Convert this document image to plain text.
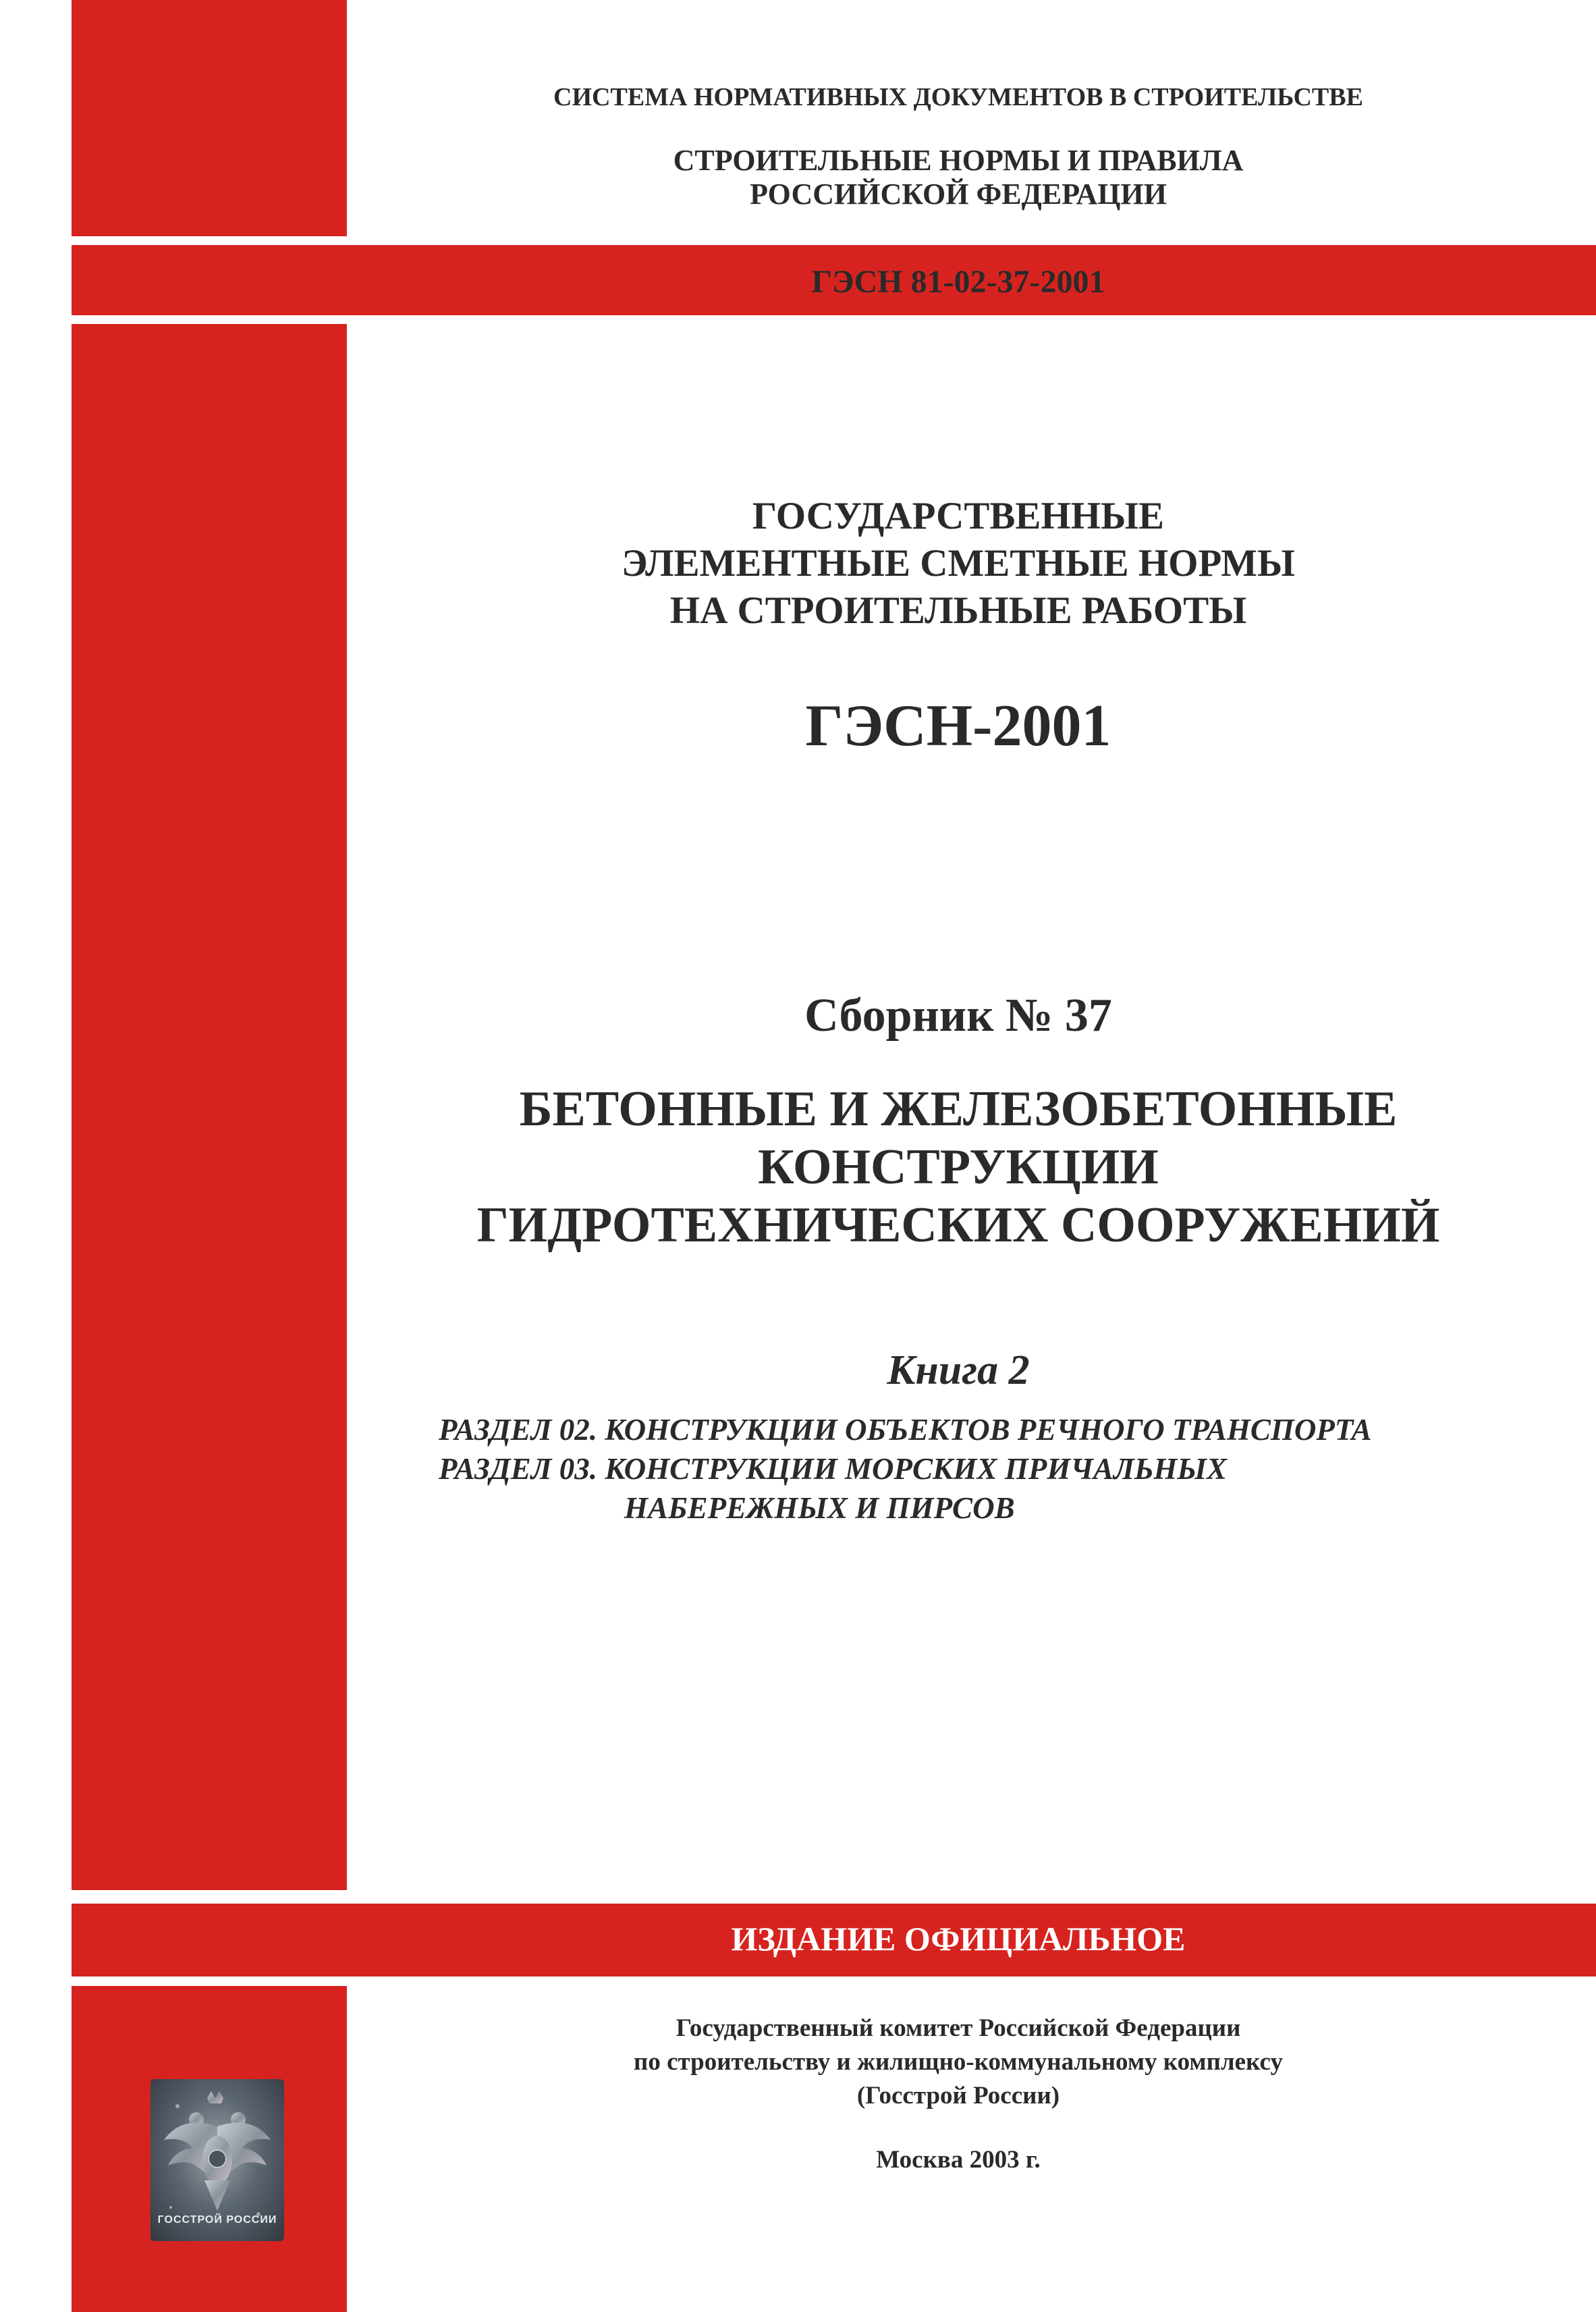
СИСТЕМА НОРМАТИВНЫХ ДОКУМЕНТОВ В СТРОИТЕЛЬСТВЕ
СТРОИТЕЛЬНЫЕ НОРМЫ И ПРАВИЛА
РОССИЙСКОЙ ФЕДЕРАЦИИ
ГЭСН 81-02-37-2001
ГОСУДАРСТВЕННЫЕ
ЭЛЕМЕНТНЫЕ СМЕТНЫЕ НОРМЫ
НА СТРОИТЕЛЬНЫЕ РАБОТЫ
ГЭСН-2001
Сборник № 37
БЕТОННЫЕ И ЖЕЛЕЗОБЕТОННЫЕ
КОНСТРУКЦИИ
ГИДРОТЕХНИЧЕСКИХ СООРУЖЕНИЙ
Книга 2
РАЗДЕЛ 02. КОНСТРУКЦИИ ОБЪЕКТОВ РЕЧНОГО ТРАНСПОРТА
РАЗДЕЛ 03. КОНСТРУКЦИИ МОРСКИХ ПРИЧАЛЬНЫХ
НАБЕРЕЖНЫХ И ПИРСОВ
ИЗДАНИЕ ОФИЦИАЛЬНОЕ
Государственный комитет Российской Федерации
по строительству и жилищно-коммунальному комплексу
(Госстрой России)
Москва 2003 г.
ГОССТРОЙ РОССИИ
